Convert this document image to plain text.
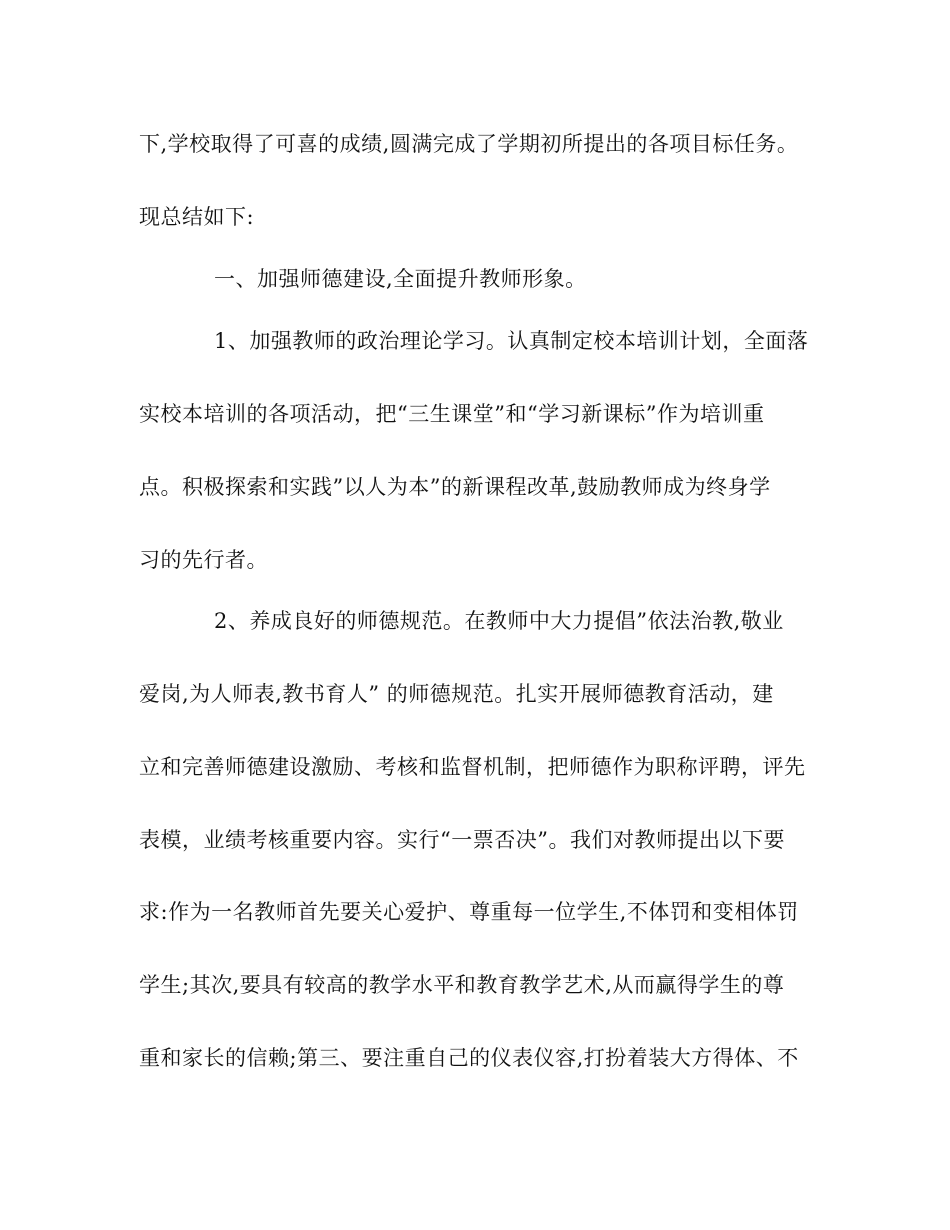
下,学校取得了可喜的成绩,圆满完成了学期初所提出的各项目标任务。
现总结如下:
一、加强师德建设,全面提升教师形象。
1、加强教师的政治理论学习。认真制定校本培训计划，全面落
实校本培训的各项活动，把“三生课堂”和“学习新课标”作为培训重
点。积极探索和实践”以人为本”的新课程改革,鼓励教师成为终身学
习的先行者。
2、养成良好的师德规范。在教师中大力提倡”依法治教,敬业
爱岗,为人师表,教书育人” 的师德规范。扎实开展师德教育活动，建
立和完善师德建设激励、考核和监督机制，把师德作为职称评聘，评先
表模，业绩考核重要内容。实行“一票否决”。我们对教师提出以下要
求:作为一名教师首先要关心爱护、尊重每一位学生,不体罚和变相体罚
学生;其次,要具有较高的教学水平和教育教学艺术,从而赢得学生的尊
重和家长的信赖;第三、要注重自己的仪表仪容,打扮着装大方得体、不
